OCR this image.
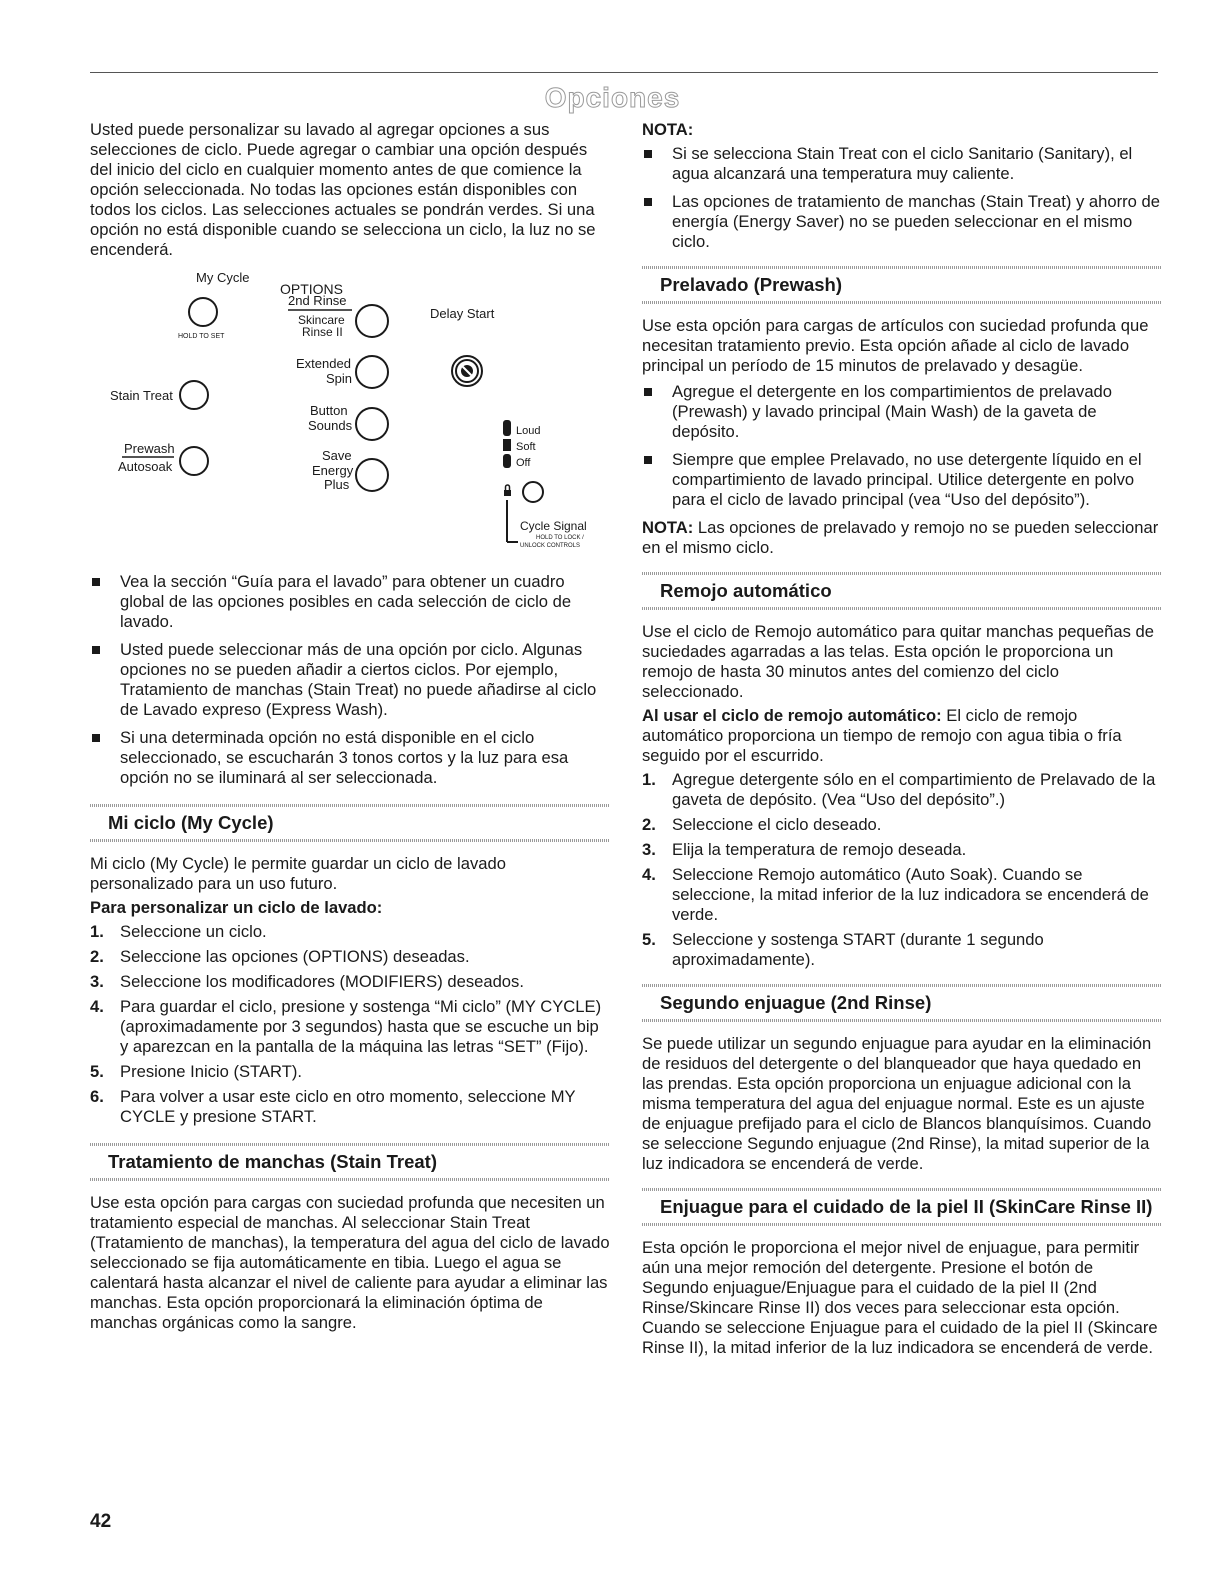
Opciones

Usted puede personalizar su lavado al agregar opciones a sus selecciones de ciclo. Puede agregar o cambiar una opción después del inicio del ciclo en cualquier momento antes de que comience la opción seleccionada. No todas las opciones están disponibles con todos los ciclos. Las selecciones actuales se pondrán verdes. Si una opción no está disponible cuando se selecciona un ciclo, la luz no se encenderá.

My Cycle
HOLD TO SET
Stain Treat
Prewash
Autosoak
OPTIONS
2nd Rinse
Skincare
Rinse II
Extended
Spin
Button
Sounds
Save
Energy
Plus
Delay Start
Loud
Soft
Off
Cycle Signal
HOLD TO LOCK /
UNLOCK CONTROLS
Vea la sección “Guía para el lavado” para obtener un cuadro global de las opciones posibles en cada selección de ciclo de lavado.
Usted puede seleccionar más de una opción por ciclo. Algunas opciones no se pueden añadir a ciertos ciclos. Por ejemplo, Tratamiento de manchas (Stain Treat) no puede añadirse al ciclo de Lavado expreso (Express Wash).
Si una determinada opción no está disponible en el ciclo seleccionado, se escucharán 3 tonos cortos y la luz para esa opción no se iluminará al ser seleccionada.
Mi ciclo (My Cycle)

Mi ciclo (My Cycle) le permite guardar un ciclo de lavado personalizado para un uso futuro.

Para personalizar un ciclo de lavado:

1. Seleccione un ciclo.
2. Seleccione las opciones (OPTIONS) deseadas.
3. Seleccione los modificadores (MODIFIERS) deseados.
4. Para guardar el ciclo, presione y sostenga “Mi ciclo” (MY CYCLE) (aproximadamente por 3 segundos) hasta que se escuche un bip y aparezcan en la pantalla de la máquina las letras “SET” (Fijo).
5. Presione Inicio (START).
6. Para volver a usar este ciclo en otro momento, seleccione MY CYCLE y presione START.
Tratamiento de manchas (Stain Treat)

Use esta opción para cargas con suciedad profunda que necesiten un tratamiento especial de manchas. Al seleccionar Stain Treat (Tratamiento de manchas), la temperatura del agua del ciclo de lavado seleccionado se fija automáticamente en tibia. Luego el agua se calentará hasta alcanzar el nivel de caliente para ayudar a eliminar las manchas. Esta opción proporcionará la eliminación óptima de manchas orgánicas como la sangre.

NOTA:

Si se selecciona Stain Treat con el ciclo Sanitario (Sanitary), el agua alcanzará una temperatura muy caliente.
Las opciones de tratamiento de manchas (Stain Treat) y ahorro de energía (Energy Saver) no se pueden seleccionar en el mismo ciclo.
Prelavado (Prewash)

Use esta opción para cargas de artículos con suciedad profunda que necesitan tratamiento previo. Esta opción añade al ciclo de lavado principal un período de 15 minutos de prelavado y desagüe.

Agregue el detergente en los compartimientos de prelavado (Prewash) y lavado principal (Main Wash) de la gaveta de depósito.
Siempre que emplee Prelavado, no use detergente líquido en el compartimiento de lavado principal. Utilice detergente en polvo para el ciclo de lavado principal (vea “Uso del depósito”).

NOTA: Las opciones de prelavado y remojo no se pueden seleccionar en el mismo ciclo.

Remojo automático

Use el ciclo de Remojo automático para quitar manchas pequeñas de suciedades agarradas a las telas. Esta opción le proporciona un remojo de hasta 30 minutos antes del comienzo del ciclo seleccionado.

Al usar el ciclo de remojo automático: El ciclo de remojo automático proporciona un tiempo de remojo con agua tibia o fría seguido por el escurrido.

1. Agregue detergente sólo en el compartimiento de Prelavado de la gaveta de depósito. (Vea “Uso del depósito”.)
2. Seleccione el ciclo deseado.
3. Elija la temperatura de remojo deseada.
4. Seleccione Remojo automático (Auto Soak). Cuando se seleccione, la mitad inferior de la luz indicadora se encenderá de verde.
5. Seleccione y sostenga START (durante 1 segundo aproximadamente).
Segundo enjuague (2nd Rinse)

Se puede utilizar un segundo enjuague para ayudar en la eliminación de residuos del detergente o del blanqueador que haya quedado en las prendas. Esta opción proporciona un enjuague adicional con la misma temperatura del agua del enjuague normal. Este es un ajuste de enjuague prefijado para el ciclo de Blancos blanquísimos. Cuando se seleccione Segundo enjuague (2nd Rinse), la mitad superior de la luz indicadora se encenderá de verde.

Enjuague para el cuidado de la piel II (SkinCare Rinse II)

Esta opción le proporciona el mejor nivel de enjuague, para permitir aún una mejor remoción del detergente. Presione el botón de Segundo enjuague/Enjuague para el cuidado de la piel II (2nd Rinse/Skincare Rinse II) dos veces para seleccionar esta opción. Cuando se seleccione Enjuague para el cuidado de la piel II (Skincare Rinse II), la mitad inferior de la luz indicadora se encenderá de verde.

42
